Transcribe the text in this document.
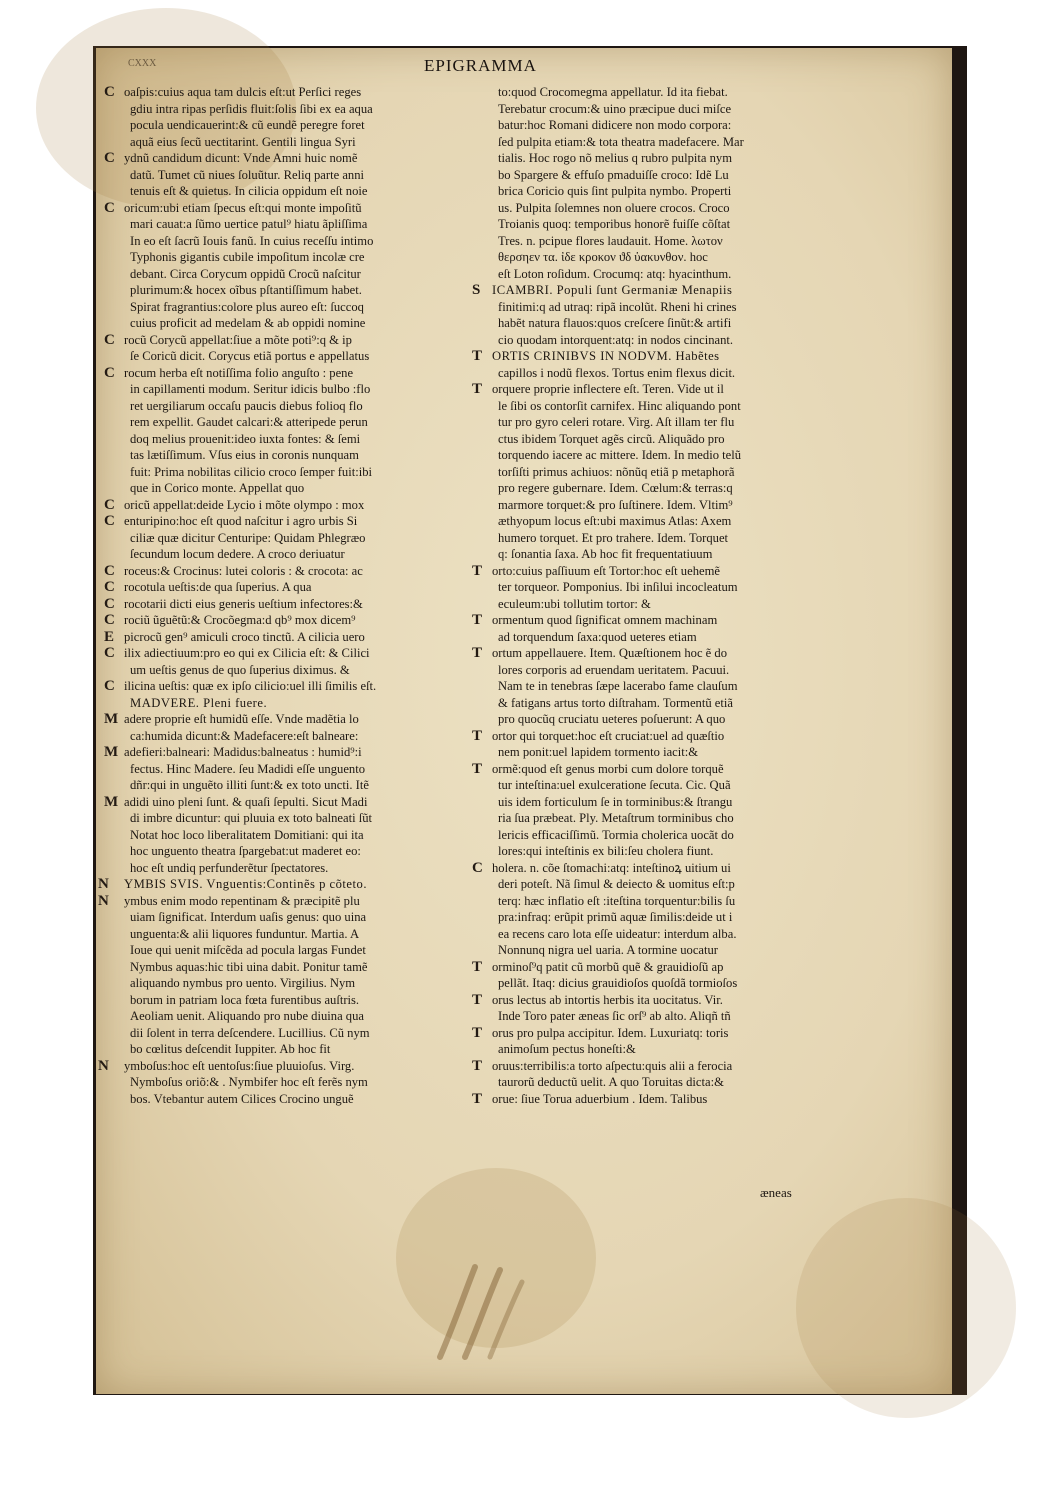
CXXX	EPIGRAMMA
C oaſpis:cuius aqua tam dulcis eſt:ut Perſici reges
gdiu intra ripas perſidis fluit:ſolis ſibi ex ea aqua
pocula uendicauerint:& cũ eundẽ peregre foret
aquã eius ſecũ uectitarint. Gentili lingua Syri
C ydnũ candidum dicunt: Vnde Amni huic nomẽ
datũ. Tumet cũ niues ſoluũtur. Reliq parte anni
tenuis eſt & quietus. In cilicia oppidum eſt noie
C oricum:ubi etiam ſpecus eſt:qui monte impoſitũ
mari cauat:a ſũmo uertice patul⁹ hiatu ãpliſſima
In eo eſt ſacrũ Iouis fanũ. In cuius receſſu intimo
Typhonis gigantis cubile impoſitum incolæ cre
debant. Circa Corycum oppidũ Crocũ naſcitur
plurimum:& hocex oĩbus pſtantiſſimum habet.
Spirat fragrantius:colore plus aureo eſt: ſuccoq
cuius proficit ad medelam & ab oppidi nomine
C rocũ Corycũ appellat:ſiue a mõte poti⁹:q & ip
ſe Coricũ dicit. Corycus etiã portus e appellatus
C rocum herba eſt notiſſima folio anguſto : pene
in capillamenti modum. Seritur idicis bulbo :flo
ret uergiliarum occaſu paucis diebus folioq flo
rem expellit. Gaudet calcari:& atteripede perun
doq melius prouenit:ideo iuxta fontes: & ſemi
tas lætiſſimum. Vſus eius in coronis nunquam
fuit: Prima nobilitas cilicio croco ſemper fuit:ibi
que in Corico monte. Appellat quo
C oricũ appellat:deide Lycio i mõte olympo : mox
C enturipino:hoc eſt quod naſcitur i agro urbis Si
ciliæ quæ dicitur Centuripe: Quidam Phlegræo
ſecundum locum dedere. A croco deriuatur
C roceus:& Crocinus: lutei coloris : & crocota: ac
C rocotula ueſtis:de qua ſuperius. A qua
C rocotarii dicti eius generis ueſtium infectores:&
C rociũ ũguẽtũ:& Crocõegma:d qb⁹ mox dicem⁹
E picrocũ gen⁹ amiculi croco tinctũ. A cilicia uero
C ilix adiectiuum:pro eo qui ex Cilicia eſt: & Cilici
um ueſtis genus de quo ſuperius diximus. &
C ilicina ueſtis: quæ ex ipſo cilicio:uel illi ſimilis eſt.
MADVERE. Pleni fuere.
M adere proprie eſt humidũ eſſe. Vnde madẽtia lo
ca:humida dicunt:& Madefacere:eſt balneare:
M adefieri:balneari: Madidus:balneatus : humid⁹:i
fectus. Hinc Madere. ſeu Madidi eſſe unguento
dñr:qui in unguẽto illiti ſunt:& ex toto uncti. Itẽ
M adidi uino pleni ſunt. & quaſi ſepulti. Sicut Madi
di imbre dicuntur: qui pluuia ex toto balneati ſũt
Notat hoc loco liberalitatem Domitiani: qui ita
hoc unguento theatra ſpargebat:ut maderet eo:
hoc eſt undiq perfunderẽtur ſpectatores.
N YMBIS SVIS. Vnguentis:Continẽs p cõteto.
N ymbus enim modo repentinam & præcipitẽ plu
uiam ſignificat. Interdum uaſis genus: quo uina
unguenta:& alii liquores funduntur. Martia. A
Ioue qui uenit miſcẽda ad pocula largas Fundet
Nymbus aquas:hic tibi uina dabit. Ponitur tamẽ
aliquando nymbus pro uento. Virgilius. Nym
borum in patriam loca fœta furentibus auſtris.
Aeoliam uenit. Aliquando pro nube diuina qua
dii ſolent in terra deſcendere. Lucillius. Cũ nym
bo cœlitus deſcendit Iuppiter. Ab hoc fit
N ymboſus:hoc eſt uentoſus:ſiue pluuioſus. Virg.
Nymboſus oriõ:& . Nymbifer hoc eſt ferẽs nym
bos. Vtebantur autem Cilices Crocino unguẽ
to:quod Crocomegma appellatur. Id ita fiebat.
Terebatur crocum:& uino præcipue duci miſce
batur:hoc Romani didicere non modo corpora:
ſed pulpita etiam:& tota theatra madefacere. Mar
tialis. Hoc rogo nõ melius q rubro pulpita nym
bo Spargere & effuſo pmaduiſſe croco: Idẽ Lu
brica Coricio quis ſint pulpita nymbo. Properti
us. Pulpita ſolemnes non oluere crocos. Croco
Troianis quoq: temporibus honorẽ fuiſſe cõſtat
Tres. n. pcipue flores laudauit. Home. λωτον
θερσηεν τα. ἰδε κροκον ϑδ ὑακυνθον. hoc
eſt Loton roſidum. Crocumq: atq: hyacinthum.
S ICAMBRI. Populi ſunt Germaniæ Menapiis
finitimi:q ad utraq: ripã incolũt. Rheni hi crines
habẽt natura flauos:quos creſcere ſinũt:& artifi
cio quodam intorquent:atq: in nodos cincinant.
T ORTIS CRINIBVS IN NODVM. Habẽtes
capillos i nodũ flexos. Tortus enim flexus dicit.
T orquere proprie inflectere eſt. Teren. Vide ut il
le ſibi os contorſit carnifex. Hinc aliquando pont
tur pro gyro celeri rotare. Virg. Aſt illam ter flu
ctus ibidem Torquet agẽs circũ. Aliquãdo pro
torquendo iacere ac mittere. Idem. In medio telũ
torſiſti primus achiuos: nõnũq etiã p metaphorã
pro regere gubernare. Idem. Cœlum:& terras:q
marmore torquet:& pro ſuſtinere. Idem. Vltim⁹
æthyopum locus eſt:ubi maximus Atlas: Axem
humero torquet. Et pro trahere. Idem. Torquet
q: ſonantia ſaxa. Ab hoc fit frequentatiuum
T orto:cuius paſſiuum eſt Tortor:hoc eſt uehemẽ
ter torqueor. Pomponius. Ibi inſilui incocleatum
eculeum:ubi tollutim tortor: &
T ormentum quod ſignificat omnem machinam
ad torquendum ſaxa:quod ueteres etiam
T ortum appellauere. Item. Quæſtionem hoc ẽ do
lores corporis ad eruendam ueritatem. Pacuui.
Nam te in tenebras ſæpe lacerabo fame clauſum
& fatigans artus torto diſtraham. Tormentũ etiã
pro quocũq cruciatu ueteres poſuerunt: A quo
T ortor qui torquet:hoc eſt cruciat:uel ad quæſtio
nem ponit:uel lapidem tormento iacit:&
T ormẽ:quod eſt genus morbi cum dolore torquẽ
tur inteſtina:uel exulceratione ſecuta. Cic. Quã
uis idem forticulum ſe in torminibus:& ſtrangu
ria ſua præbeat. Ply. Metaſtrum torminibus cho
lericis efficaciſſimũ. Tormia cholerica uocãt do
lores:qui inteſtinis ex bili:ſeu cholera fiunt.
C holera. n. cõe ſtomachi:atq: inteſtinoꝝ uitium ui
deri poteſt. Nã ſimul & deiecto & uomitus eſt:p
terq: hæc inflatio eſt :iteſtina torquentur:bilis ſu
pra:infraq: erũpit primũ aquæ ſimilis:deide ut i
ea recens caro lota eſſe uideatur: interdum alba.
Nonnunq nigra uel uaria. A tormine uocatur
T orminoſ⁹q patit cũ morbũ quẽ & grauidioſũ ap
pellãt. Itaq: dicius grauidioſos quoſdã tormioſos
T orus lectus ab intortis herbis ita uocitatus. Vir.
Inde Toro pater æneas ſic orſ⁹ ab alto. Aliqñ tñ
T orus pro pulpa accipitur. Idem. Luxuriatq: toris
animoſum pectus honeſti:&
T oruus:terribilis:a torto aſpectu:quis alii a ferocia
taurorũ deductũ uelit. A quo Toruitas dicta:&
T orue: ſiue Torua aduerbium . Idem. Talibus
æneas
